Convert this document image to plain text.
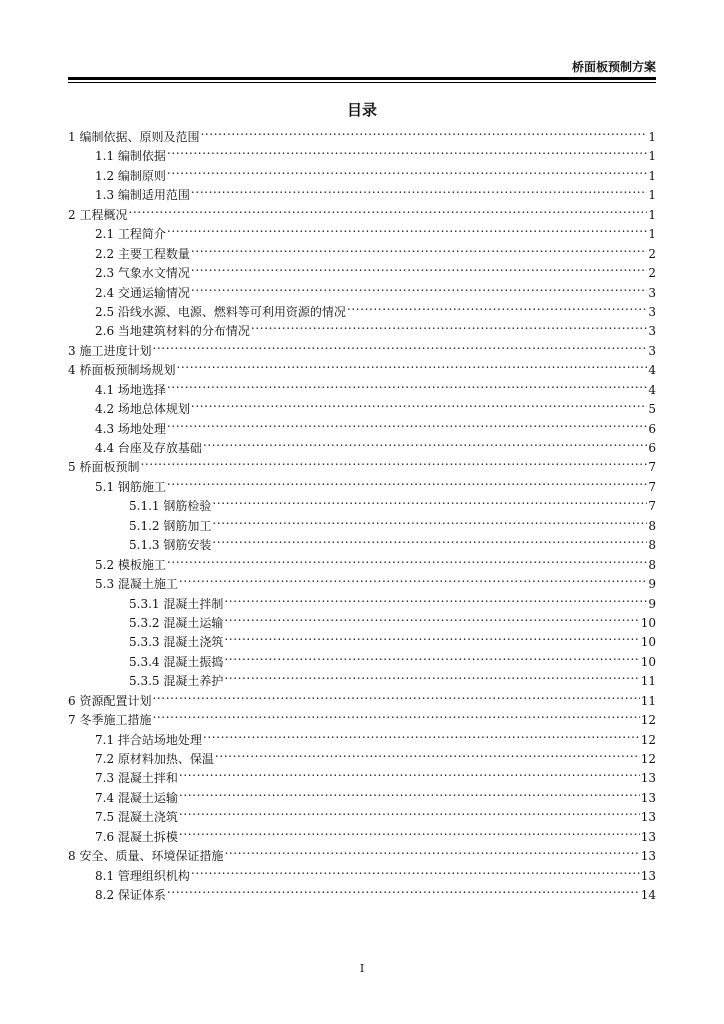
桥面板预制方案
目录
1 编制依据、原则及范围 .....	1
1.1 编制依据 .....	1
1.2 编制原则 .....	1
1.3 编制适用范围 .....	1
2 工程概况 .....	1
2.1 工程简介 .....	1
2.2 主要工程数量 .....	2
2.3 气象水文情况 .....	2
2.4 交通运输情况 .....	3
2.5 沿线水源、电源、燃料等可利用资源的情况 .....	3
2.6 当地建筑材料的分布情况 .....	3
3 施工进度计划 .....	3
4 桥面板预制场规划 .....	4
4.1 场地选择 .....	4
4.2 场地总体规划 .....	5
4.3 场地处理 .....	6
4.4 台座及存放基础 .....	6
5 桥面板预制 .....	7
5.1 钢筋施工 .....	7
5.1.1 钢筋检验 .....	7
5.1.2 钢筋加工 .....	8
5.1.3 钢筋安装 .....	8
5.2 模板施工 .....	8
5.3 混凝土施工 .....	9
5.3.1 混凝土拌制 .....	9
5.3.2 混凝土运输 .....	10
5.3.3 混凝土浇筑 .....	10
5.3.4 混凝土振捣 .....	10
5.3.5 混凝土养护 .....	11
6 资源配置计划 .....	11
7 冬季施工措施 .....	12
7.1 拌合站场地处理 .....	12
7.2 原材料加热、保温 .....	12
7.3 混凝土拌和 .....	13
7.4 混凝土运输 .....	13
7.5 混凝土浇筑 .....	13
7.6 混凝土拆模 .....	13
8 安全、质量、环境保证措施 .....	13
8.1 管理组织机构 .....	13
8.2 保证体系 .....	14
I
